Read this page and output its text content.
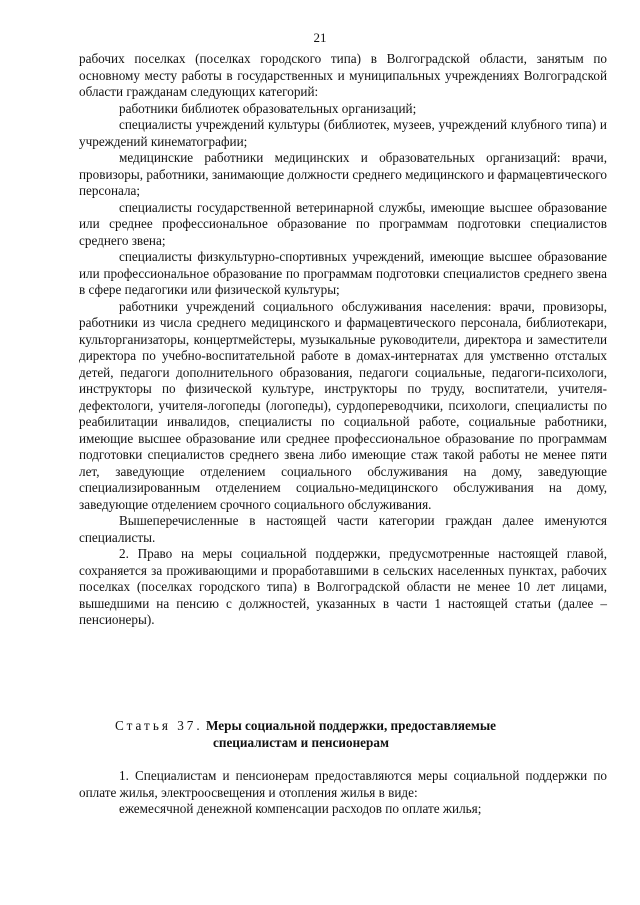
21

рабочих поселках (поселках городского типа) в Волгоградской области, занятым по основному месту работы в государственных и муниципальных учреждениях Волгоградской области гражданам следующих категорий:

работники библиотек образовательных организаций;

специалисты учреждений культуры (библиотек, музеев, учреждений клубного типа) и учреждений кинематографии;

медицинские работники медицинских и образовательных организаций: врачи, провизоры, работники, занимающие должности среднего медицинского и фармацевтического персонала;

специалисты государственной ветеринарной службы, имеющие высшее образование или среднее профессиональное образование по программам подготовки специалистов среднего звена;

специалисты физкультурно-спортивных учреждений, имеющие высшее образование или профессиональное образование по программам подготовки специалистов среднего звена в сфере педагогики или физической культуры;

работники учреждений социального обслуживания населения: врачи, провизоры, работники из числа среднего медицинского и фармацевтического персонала, библиотекари, культорганизаторы, концертмейстеры, музыкальные руководители, директора и заместители директора по учебно-воспитательной работе в домах-интернатах для умственно отсталых детей, педагоги дополнительного образования, педагоги социальные, педагоги-психологи, инструкторы по физической культуре, инструкторы по труду, воспитатели, учителя-дефектологи, учителя-логопеды (логопеды), сурдопереводчики, психологи, специалисты по реабилитации инвалидов, специалисты по социальной работе, социальные работники, имеющие высшее образование или среднее профессиональное образование по программам подготовки специалистов среднего звена либо имеющие стаж такой работы не менее пяти лет, заведующие отделением социального обслуживания на дому, заведующие специализированным отделением социально-медицинского обслуживания на дому, заведующие отделением срочного социального обслуживания.

Вышеперечисленные в настоящей части категории граждан далее именуются специалисты.

2. Право на меры социальной поддержки, предусмотренные настоящей главой, сохраняется за проживающими и проработавшими в сельских населенных пунктах, рабочих поселках (поселках городского типа) в Волгоградской области не менее 10 лет лицами, вышедшими на пенсию с должностей, указанных в части 1 настоящей статьи (далее – пенсионеры).

Статья 37. Меры социальной поддержки, предоставляемые
специалистам и пенсионерам

1. Специалистам и пенсионерам предоставляются меры социальной поддержки по оплате жилья, электроосвещения и отопления жилья в виде:

ежемесячной денежной компенсации расходов по оплате жилья;
